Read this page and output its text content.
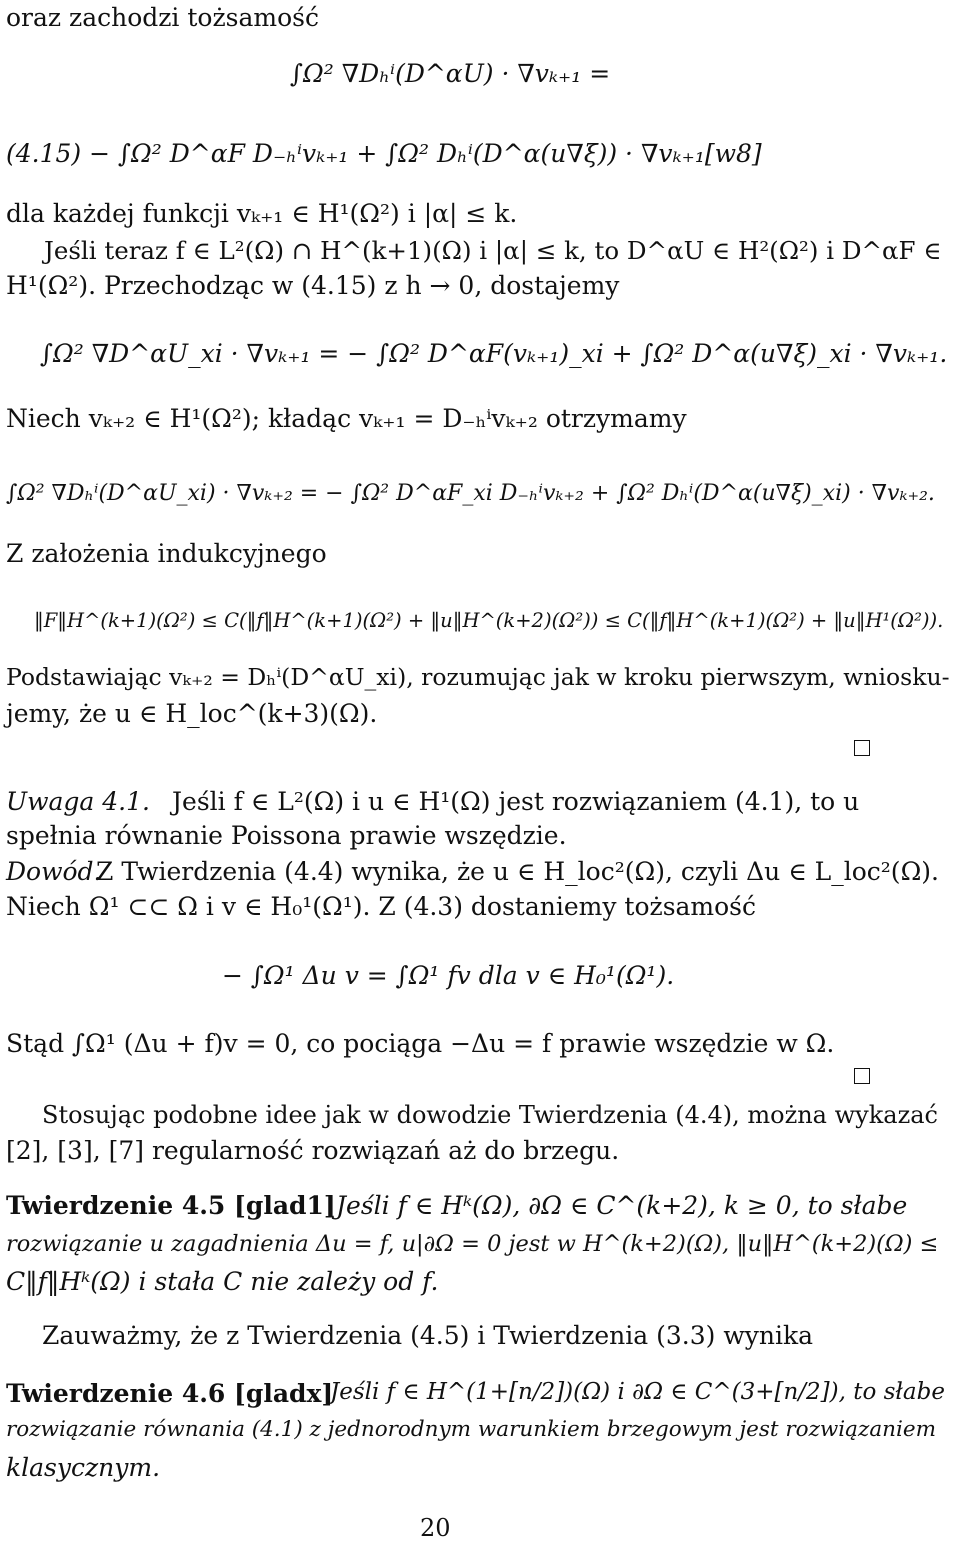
oraz zachodzi tożsamość
∫Ω² ∇Dₕⁱ(D^αU) · ∇vₖ₊₁ =
(4.15) − ∫Ω² D^αF D₋ₕⁱvₖ₊₁ + ∫Ω² Dₕⁱ(D^α(u∇ξ)) · ∇vₖ₊₁[w8]
dla każdej funkcji vₖ₊₁ ∈ H¹(Ω²) i |α| ≤ k.
Jeśli teraz f ∈ L²(Ω) ∩ H^(k+1)(Ω) i |α| ≤ k, to D^αU ∈ H²(Ω²) i D^αF ∈
H¹(Ω²). Przechodząc w (4.15) z h → 0, dostajemy
∫Ω² ∇D^αU_xi · ∇vₖ₊₁ = − ∫Ω² D^αF(vₖ₊₁)_xi + ∫Ω² D^α(u∇ξ)_xi · ∇vₖ₊₁.
Niech vₖ₊₂ ∈ H¹(Ω²); kładąc vₖ₊₁ = D₋ₕⁱvₖ₊₂ otrzymamy
∫Ω² ∇Dₕⁱ(D^αU_xi) · ∇vₖ₊₂ = − ∫Ω² D^αF_xi D₋ₕⁱvₖ₊₂ + ∫Ω² Dₕⁱ(D^α(u∇ξ)_xi) · ∇vₖ₊₂.
Z założenia indukcyjnego
‖F‖H^(k+1)(Ω²) ≤ C(‖f‖H^(k+1)(Ω²) + ‖u‖H^(k+2)(Ω²)) ≤ C(‖f‖H^(k+1)(Ω²) + ‖u‖H¹(Ω²)).
Podstawiając vₖ₊₂ = Dₕⁱ(D^αU_xi), rozumując jak w kroku pierwszym, wniosku-
jemy, że u ∈ H_loc^(k+3)(Ω).
Uwaga 4.1. Jeśli f ∈ L²(Ω) i u ∈ H¹(Ω) jest rozwiązaniem (4.1), to u
spełnia równanie Poissona prawie wszędzie.
Dowód.
Z Twierdzenia (4.4) wynika, że u ∈ H_loc²(Ω), czyli Δu ∈ L_loc²(Ω).
Niech Ω¹ ⊂⊂ Ω i v ∈ H₀¹(Ω¹). Z (4.3) dostaniemy tożsamość
− ∫Ω¹ Δu v = ∫Ω¹ fv dla v ∈ H₀¹(Ω¹).
Stąd ∫Ω¹ (Δu + f)v = 0, co pociąga −Δu = f prawie wszędzie w Ω.
Stosując podobne idee jak w dowodzie Twierdzenia (4.4), można wykazać
[2], [3], [7] regularność rozwiązań aż do brzegu.
Twierdzenie 4.5 [glad1] Jeśli f ∈ Hᵏ(Ω), ∂Ω ∈ C^(k+2), k ≥ 0, to słabe
rozwiązanie u zagadnienia Δu = f, u|∂Ω = 0 jest w H^(k+2)(Ω), ‖u‖H^(k+2)(Ω) ≤
C‖f‖Hᵏ(Ω) i stała C nie zależy od f.
Zauważmy, że z Twierdzenia (4.5) i Twierdzenia (3.3) wynika
Twierdzenie 4.6 [gladx]
Jeśli f ∈ H^(1+[n/2])(Ω) i ∂Ω ∈ C^(3+[n/2]), to słabe
rozwiązanie równania (4.1) z jednorodnym warunkiem brzegowym jest rozwiązaniem
klasycznym.
20
